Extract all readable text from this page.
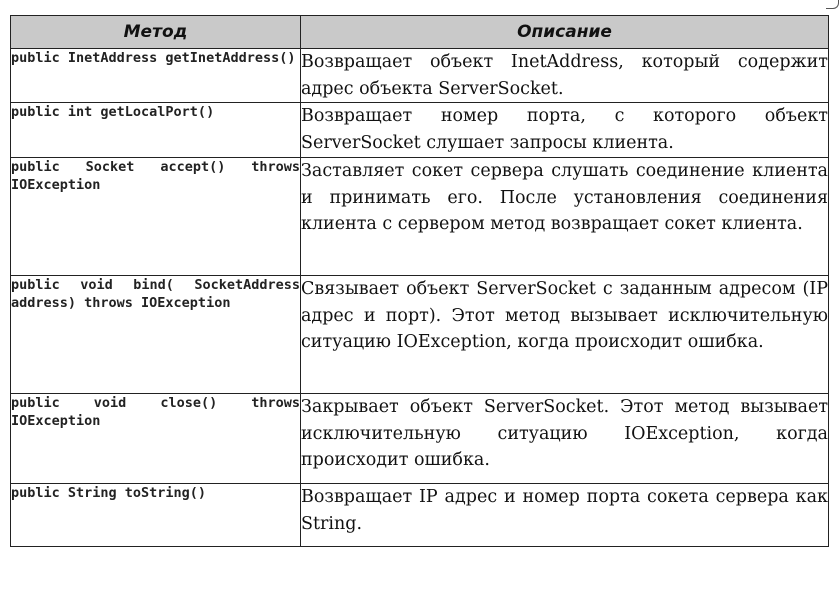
Метод	Описание
public InetAddress getInetAddress()	Возвращает объект InetAddress, который содержит адрес объекта ServerSocket.
public int getLocalPort()	Возвращает номер порта, с которого объект ServerSocket слушает запросы клиента.
public Socket accept() throws IOException	Заставляет сокет сервера слушать соединение клиента и принимать его. После установления соединения клиента с сервером метод возвращает сокет клиента.
public void bind( SocketAddress address) throws IOException	Связывает объект ServerSocket с заданным адресом (IP адрес и порт). Этот метод вызывает исключительную ситуацию IOException, когда происходит ошибка.
public void close() throws IOException	Закрывает объект ServerSocket. Этот метод вызывает исключительную ситуацию IOException, когда происходит ошибка.
public String toString()	Возвращает IP адрес и номер порта сокета сервера как String.
